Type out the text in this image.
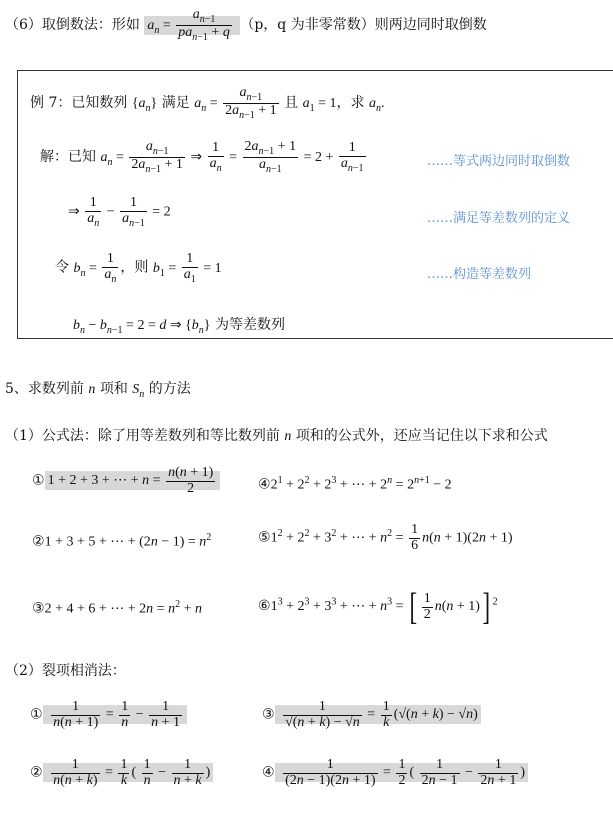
（6）取倒数法：形如 $a_n = \frac{a_{n-1}}{pa_{n-1} + q} (p$，q 为非零常数）则两边同时取倒数
例 7：已知数列 $\{a_n\}$ 满足 $a_n = \frac{a_{n-1}}{2a_{n-1} + 1}$ 且 $a_1 = 1$，求 $a_n$.
解：已知 $a_n = \frac{a_{n-1}}{2a_{n-1} + 1}$ ⇒ $\frac{1}{a_n} = \frac{2a_{n-1} + 1}{a_{n-1}} = 2 + \frac{1}{a_{n-1}}$	……等式两边同时取倒数
⇒ $\frac{1}{a_n} - \frac{1}{a_{n-1}} = 2$	……满足等差数列的定义
令 $b_n = \frac{1}{a_n}$ ，则 $b_1 = \frac{1}{a_1} = 1$	……构造等差数列
$b_n - b_{n-1} = 2 = d$ ⇒ $\{b_n\}$ 为等差数列
5、求数列前 n 项和 $S_n$ 的方法
（1）公式法：除了用等差数列和等比数列前 n 项和的公式外，还应当记住以下求和公式
① 1 + 2 + 3 + ⋯ + $n = \frac{n(n + 1)}{2}$	$④2^1 + 2^2 + 2^3$ + ⋯ + $2^n = 2^{n+1} - 2$
②1 + 3 + 5 + ⋯ + $(2n - 1) = n^2$	$⑤1^2 + 2^2 + 3^2$ + ⋯ + $n^2 = \frac{1}{6} n(n + 1)(2n + 1)$
③2 + 4 + 6 + ⋯ + $2n = n^2 + n$	$⑥1^3 + 2^3 + 3^3$ + ⋯ + $n^3$ = [ $\frac{1}{2} n(n + 1)$] $^2$
（2）裂项相消法：
① $\frac{1}{n(n + 1)} = \frac{1}{n} - \frac{1}{n + 1}$	③ $\frac{1}{√(n + k) - √n} = \frac{1}{k} (√(n + k) - √n)$
② $\frac{1}{n(n + k)} = \frac{1}{k}$ ( $\frac{1}{n} - \frac{1}{n + k}$ )	④ $\frac{1}{(2n - 1)(2n + 1)} = \frac{1}{2}$ ( $\frac{1}{2n - 1} - \frac{1}{2n + 1}$ )
